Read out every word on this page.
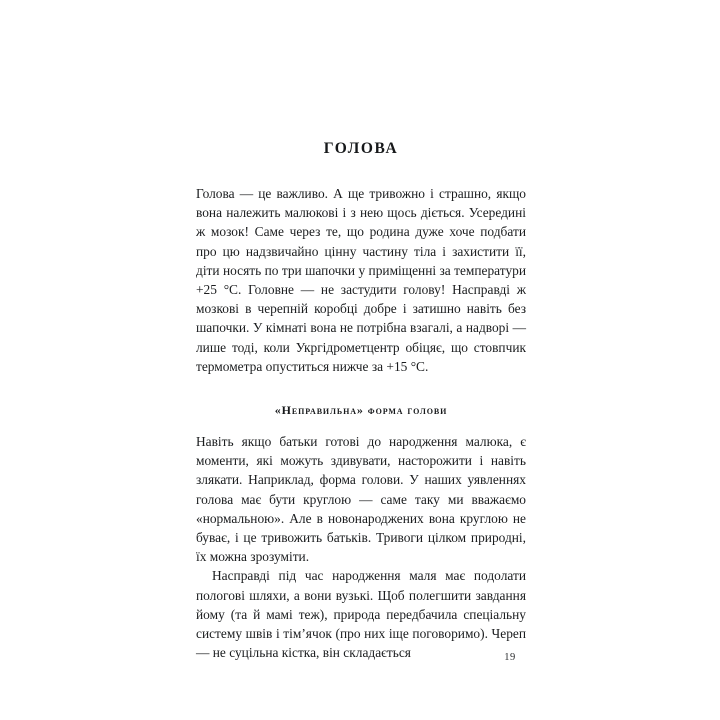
ГОЛОВА

Голова — це важливо. А ще тривожно і страшно, якщо вона належить малюкові і з нею щось діється. Усередині ж мозок! Саме через те, що родина дуже хоче подбати про цю надзвичайно цінну частину тіла і захистити її, діти носять по три шапочки у приміщенні за температури +25 °C. Головне — не застудити голову! Насправді ж мозкові в черепній коробці добре і затишно навіть без шапочки. У кімнаті вона не потрібна взагалі, а надворі — лише тоді, коли Укргідрометцентр обіцяє, що стовпчик термометра опуститься нижче за +15 °C.

«Неправильна» форма голови

Навіть якщо батьки готові до народження малюка, є моменти, які можуть здивувати, насторожити і навіть злякати. Наприклад, форма голови. У наших уявленнях голова має бути круглою — саме таку ми вважаємо «нормальною». Але в новонароджених вона круглою не буває, і це тривожить батьків. Тривоги цілком природні, їх можна зрозуміти.

Насправді під час народження маля має подолати пологові шляхи, а вони вузькі. Щоб полегшити завдання йому (та й мамі теж), природа передбачила спеціальну систему швів і тім’ячок (про них іще поговоримо). Череп — не суцільна кістка, він складається	19
